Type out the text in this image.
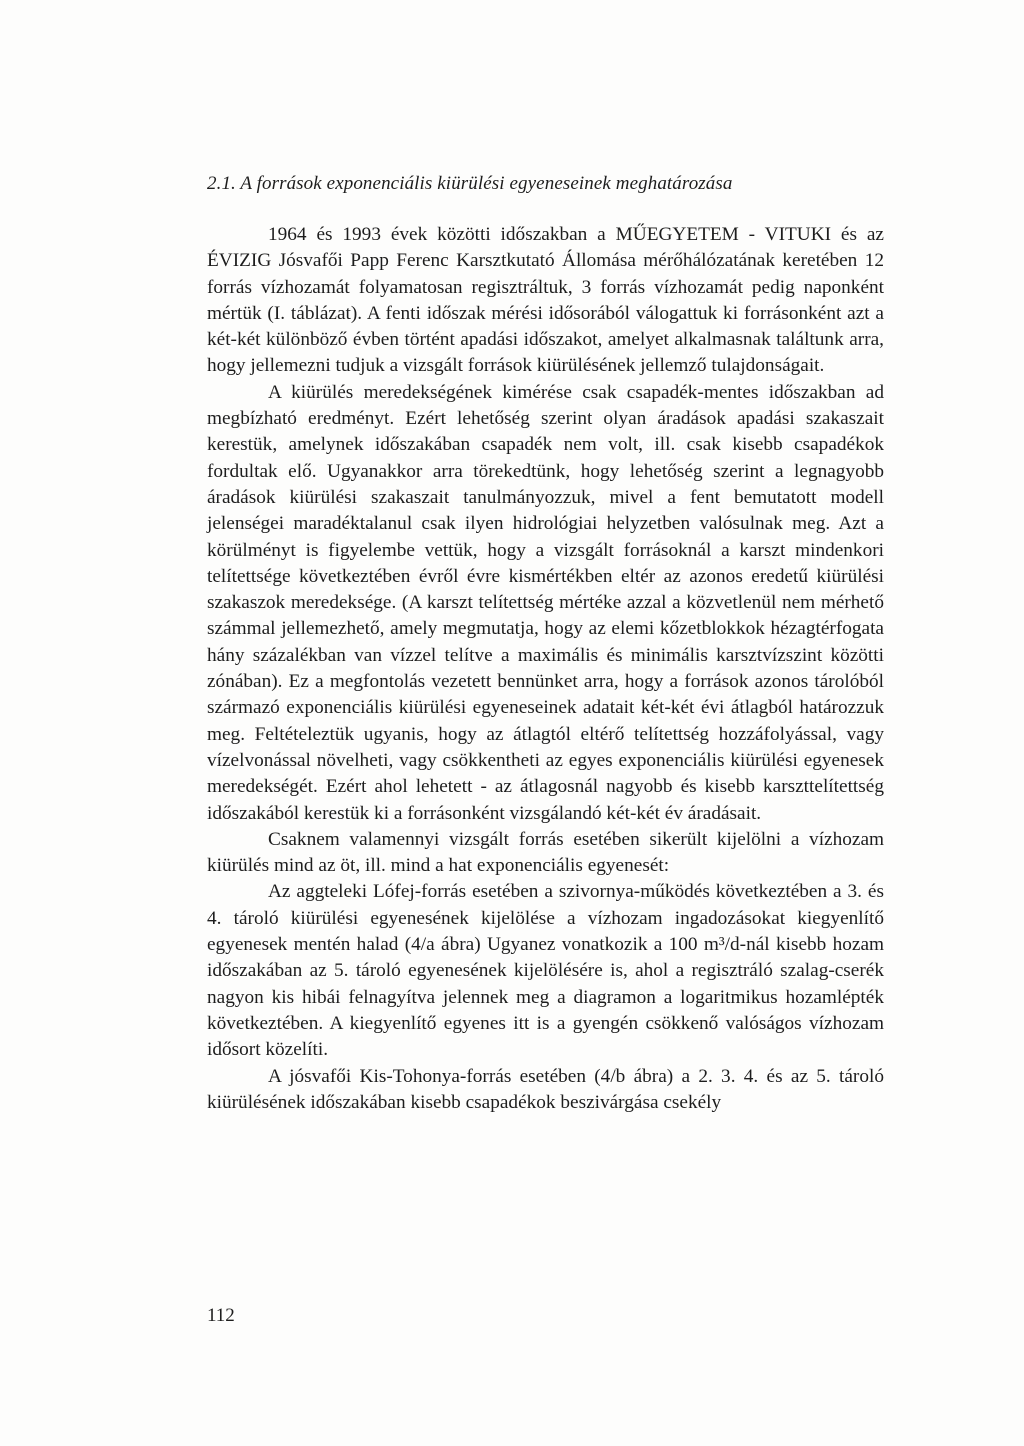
2.1. A források exponenciális kiürülési egyeneseinek meghatározása

1964 és 1993 évek közötti időszakban a MŰEGYETEM - VITUKI és az ÉVIZIG Jósvafői Papp Ferenc Karsztkutató Állomása mérőhálózatának keretében 12 forrás vízhozamát folyamatosan regisztráltuk, 3 forrás vízhozamát pedig naponként mértük (I. táblázat). A fenti időszak mérési idősorából válogattuk ki forrásonként azt a két-két különböző évben történt apadási időszakot, amelyet alkalmasnak találtunk arra, hogy jellemezni tudjuk a vizsgált források kiürülésének jellemző tulajdonságait.

A kiürülés meredekségének kimérése csak csapadék-mentes időszakban ad megbízható eredményt. Ezért lehetőség szerint olyan áradások apadási szakaszait kerestük, amelynek időszakában csapadék nem volt, ill. csak kisebb csapadékok fordultak elő. Ugyanakkor arra törekedtünk, hogy lehetőség szerint a legnagyobb áradások kiürülési szakaszait tanulmányozzuk, mivel a fent bemutatott modell jelenségei maradéktalanul csak ilyen hidrológiai helyzetben valósulnak meg. Azt a körülményt is figyelembe vettük, hogy a vizsgált forrásoknál a karszt mindenkori telítettsége következtében évről évre kismértékben eltér az azonos eredetű kiürülési szakaszok meredeksége. (A karszt telítettség mértéke azzal a közvetlenül nem mérhető számmal jellemezhető, amely megmutatja, hogy az elemi kőzetblokkok hézagtérfogata hány százalékban van vízzel telítve a maximális és minimális karsztvízszint közötti zónában). Ez a megfontolás vezetett bennünket arra, hogy a források azonos tárolóból származó exponenciális kiürülési egyeneseinek adatait két-két évi átlagból határozzuk meg. Feltételeztük ugyanis, hogy az átlagtól eltérő telítettség hozzáfolyással, vagy vízelvonással növelheti, vagy csökkentheti az egyes exponenciális kiürülési egyenesek meredekségét. Ezért ahol lehetett - az átlagosnál nagyobb és kisebb karszttelítettség időszakából kerestük ki a forrásonként vizsgálandó két-két év áradásait.

Csaknem valamennyi vizsgált forrás esetében sikerült kijelölni a vízhozam kiürülés mind az öt, ill. mind a hat exponenciális egyenesét:

Az aggteleki Lófej-forrás esetében a szivornya-működés következtében a 3. és 4. tároló kiürülési egyenesének kijelölése a vízhozam ingadozásokat kiegyenlítő egyenesek mentén halad (4/a ábra) Ugyanez vonatkozik a 100 m³/d-nál kisebb hozam időszakában az 5. tároló egyenesének kijelölésére is, ahol a regisztráló szalag-cserék nagyon kis hibái felnagyítva jelennek meg a diagramon a logaritmikus hozamlépték következtében. A kiegyenlítő egyenes itt is a gyengén csökkenő valóságos vízhozam idősort közelíti.

A jósvafői Kis-Tohonya-forrás esetében (4/b ábra) a 2. 3. 4. és az 5. tároló kiürülésének időszakában kisebb csapadékok beszivárgása csekély

112
